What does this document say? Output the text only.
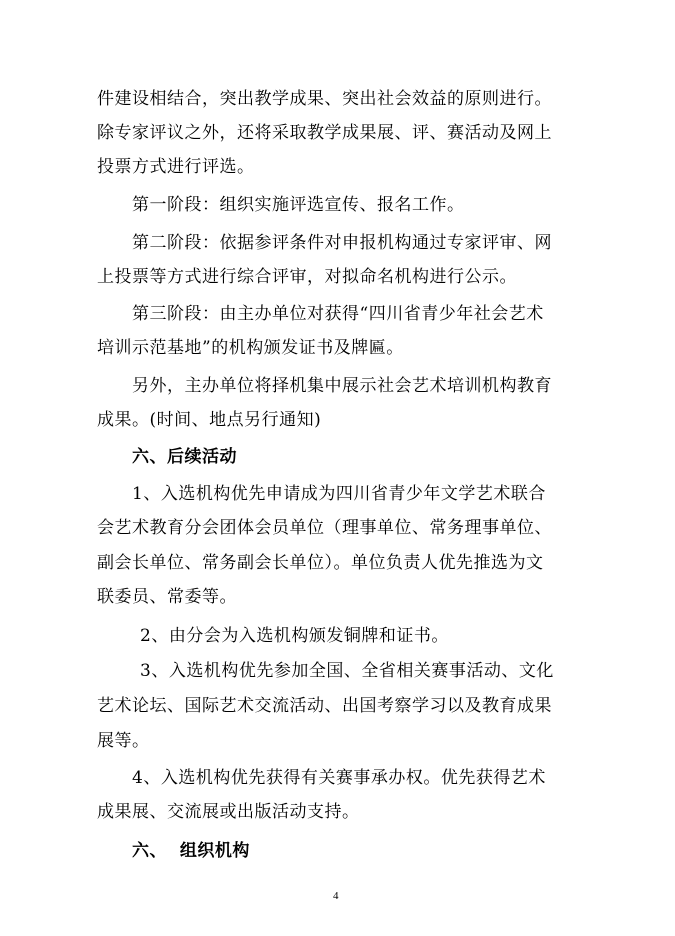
件建设相结合，突出教学成果、突出社会效益的原则进行。
除专家评议之外，还将采取教学成果展、评、赛活动及网上
投票方式进行评选。
第一阶段：组织实施评选宣传、报名工作。
第二阶段：依据参评条件对申报机构通过专家评审、网
上投票等方式进行综合评审，对拟命名机构进行公示。
第三阶段：由主办单位对获得“四川省青少年社会艺术
培训示范基地”的机构颁发证书及牌匾。
另外，主办单位将择机集中展示社会艺术培训机构教育
成果。(时间、地点另行通知)
六、后续活动
1、入选机构优先申请成为四川省青少年文学艺术联合
会艺术教育分会团体会员单位（理事单位、常务理事单位、
副会长单位、常务副会长单位）。单位负责人优先推选为文
联委员、常委等。
2、由分会为入选机构颁发铜牌和证书。
3、入选机构优先参加全国、全省相关赛事活动、文化
艺术论坛、国际艺术交流活动、出国考察学习以及教育成果
展等。
4、入选机构优先获得有关赛事承办权。优先获得艺术
成果展、交流展或出版活动支持。
六、  组织机构
4
